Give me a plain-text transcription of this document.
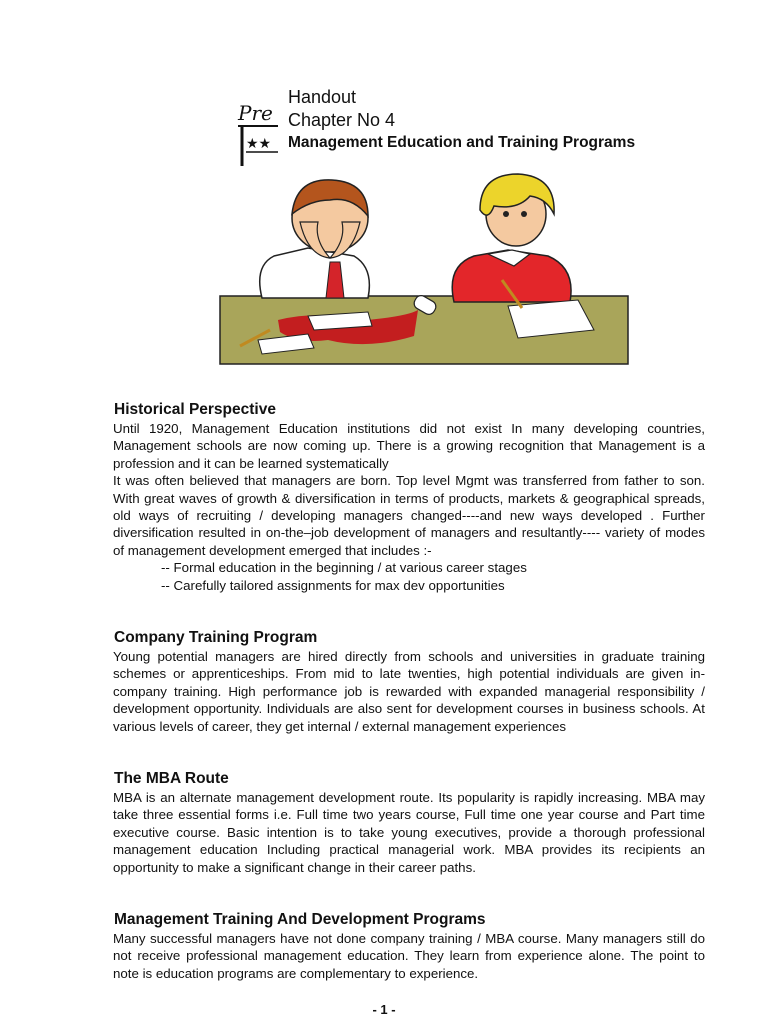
Pre
★★
Handout
Chapter No 4
Management Education and Training Programs
Historical Perspective

Until 1920, Management Education institutions did not exist In many developing countries, Management schools are now coming up. There is a growing recognition that Management is a profession and it can be learned systematically

It was often believed that managers are born. Top level Mgmt was transferred from father to son. With great waves of growth & diversification in terms of products, markets & geographical spreads, old ways of recruiting / developing managers changed----and new ways developed . Further diversification resulted in on-the–job development of managers and resultantly---- variety of modes of management development emerged that includes :-

-- Formal education in the beginning / at various career stages

-- Carefully tailored assignments for max dev opportunities

Company Training Program

Young potential managers are hired directly from schools and universities in graduate training schemes or apprenticeships. From mid to late twenties, high potential individuals are given in-company training. High performance job is rewarded with expanded managerial responsibility / development opportunity. Individuals are also sent for development courses in business schools. At various levels of career, they get internal / external management experiences

The MBA Route

MBA is an alternate management development route. Its popularity is rapidly increasing. MBA may take three essential forms i.e. Full time two years course, Full time one year course and Part time executive course. Basic intention is to take young executives, provide a thorough professional management education Including practical managerial work. MBA provides its recipients an opportunity to make a significant change in their career paths.

Management Training And Development Programs

Many successful managers have not done company training / MBA course. Many managers still do not receive professional management education. They learn from experience alone. The point to note is education programs are complementary to experience.

- 1 -
